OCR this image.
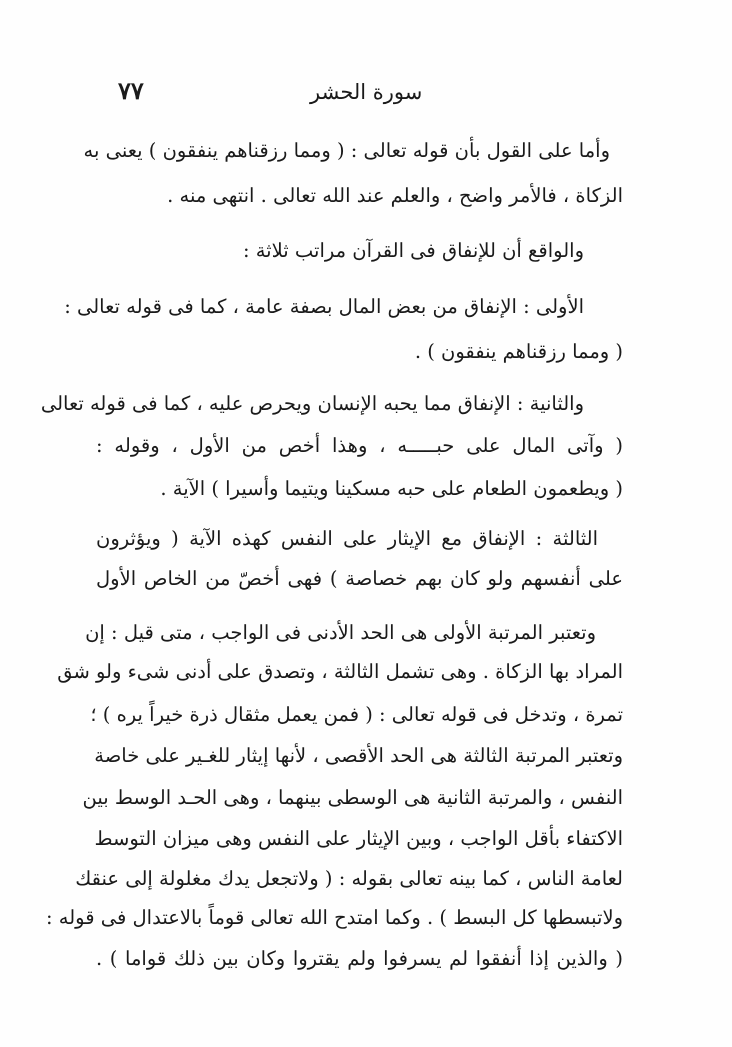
٧٧	سورة الحشر
وأما على القول بأن قوله تعالى : ( ومما رزقناهم ينفقون ) يعنى به
الزكاة ، فالأمر واضح ، والعلم عند الله تعالى . انتهى منه .
والواقع أن للإنفاق فى القرآن مراتب ثلاثة :
الأولى : الإنفاق من بعض المال بصفة عامة ، كما فى قوله تعالى :
( ومما رزقناهم ينفقون ) .
والثانية : الإنفاق مما يحبه الإنسان ويحرص عليه ، كما فى قوله تعالى
( وآتى المال على حبـــــه ، وهذا أخص من الأول ، وقوله :
( ويطعمون الطعام على حبه مسكينا ويتيما وأسيرا ) الآية .
الثالثة : الإنفاق مع الإيثار على النفس كهذه الآية ( ويؤثرون
على أنفسهم ولو كان بهم خصاصة ) فهى أخصّ من الخاص الأول
وتعتبر المرتبة الأولى هى الحد الأدنى فى الواجب ، متى قيل : إن
المراد بها الزكاة . وهى تشمل الثالثة ، وتصدق على أدنى شىء ولو شق
تمرة ، وتدخل فى قوله تعالى : ( فمن يعمل مثقال ذرة خيراً يره ) ؛
وتعتبر المرتبة الثالثة هى الحد الأقصى ، لأنها إيثار للغـير على خاصة
النفس ، والمرتبة الثانية هى الوسطى بينهما ، وهى الحـد الوسط بين
الاكتفاء بأقل الواجب ، وبين الإيثار على النفس وهى ميزان التوسط
لعامة الناس ، كما بينه تعالى بقوله : ( ولاتجعل يدك مغلولة إلى عنقك
ولاتبسطها كل البسط ) . وكما امتدح الله تعالى قوماً بالاعتدال فى قوله :
( والذين إذا أنفقوا لم يسرفوا ولم يقتروا وكان بين ذلك قواما ) .
